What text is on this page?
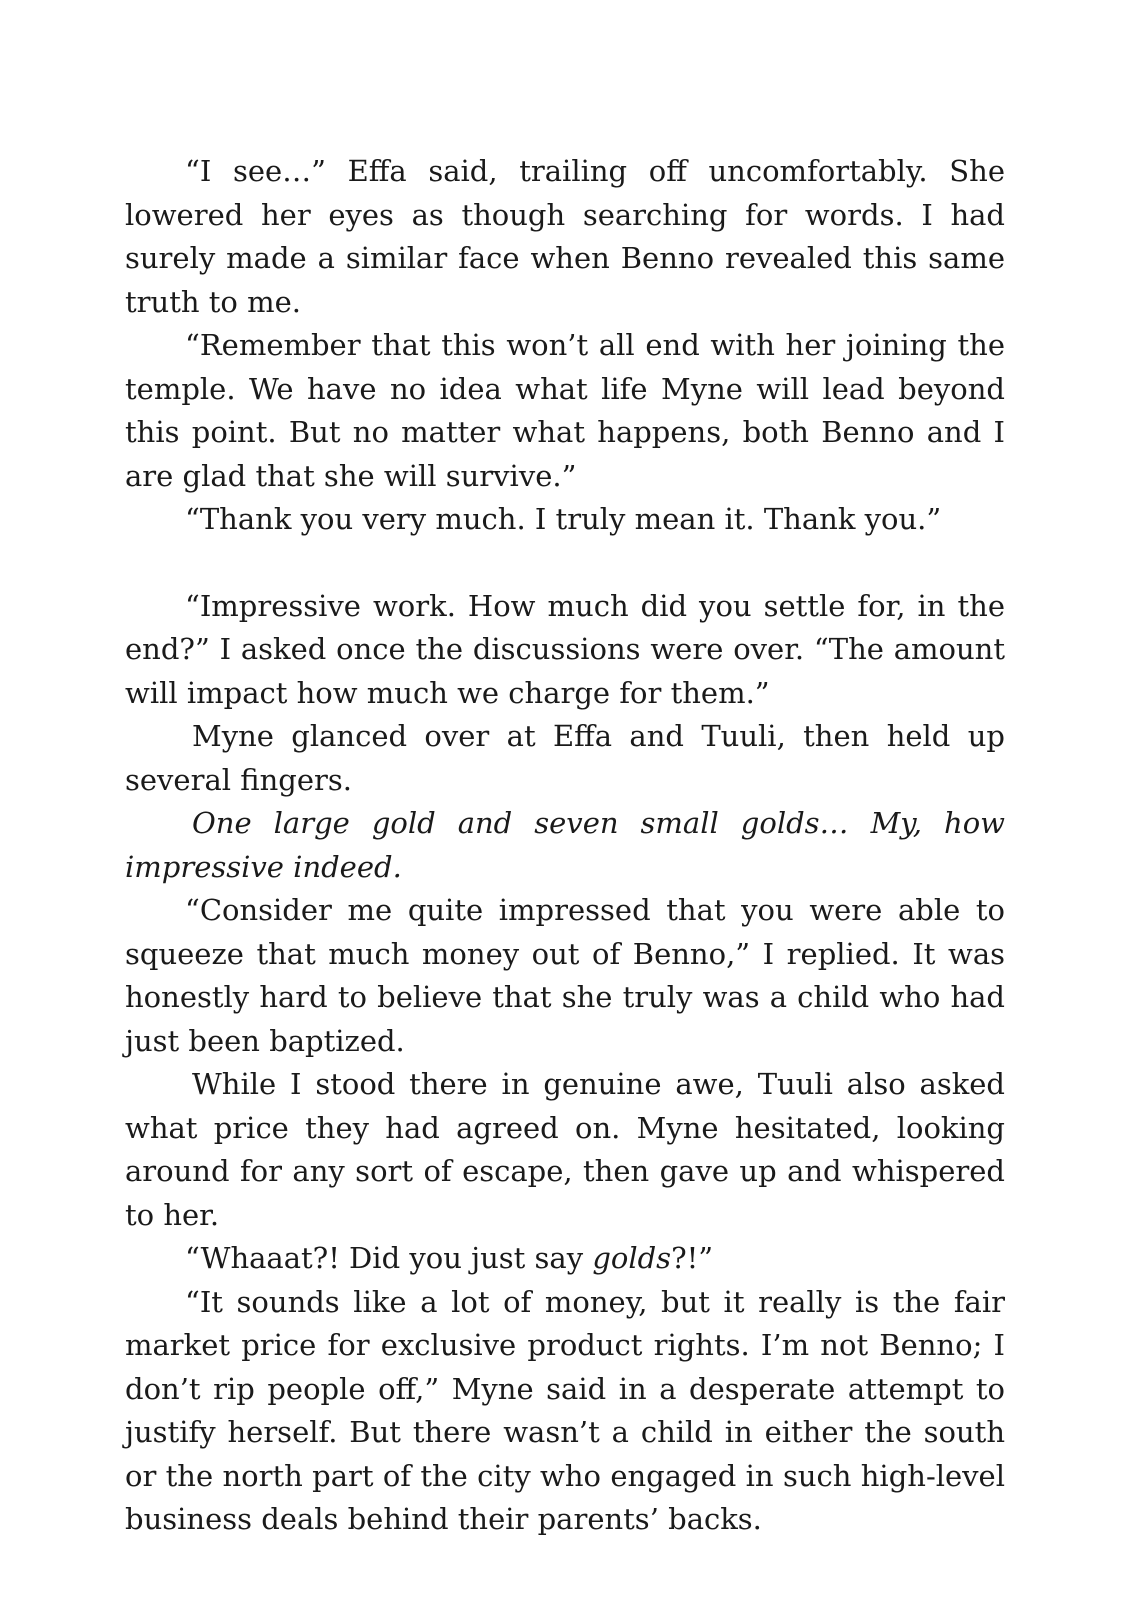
“I see…” Effa said, trailing off uncomfortably. She lowered her eyes as though searching for words. I had surely made a similar face when Benno revealed this same truth to me.

“Remember that this won’t all end with her joining the temple. We have no idea what life Myne will lead beyond this point. But no matter what happens, both Benno and I are glad that she will survive.”

“Thank you very much. I truly mean it. Thank you.”

“Impressive work. How much did you settle for, in the end?” I asked once the discussions were over. “The amount will impact how much we charge for them.”

Myne glanced over at Effa and Tuuli, then held up several fingers.

One large gold and seven small golds… My, how impressive indeed.

“Consider me quite impressed that you were able to squeeze that much money out of Benno,” I replied. It was honestly hard to believe that she truly was a child who had just been baptized.

While I stood there in genuine awe, Tuuli also asked what price they had agreed on. Myne hesitated, looking around for any sort of escape, then gave up and whispered to her.

“Whaaat?! Did you just say golds?!”

“It sounds like a lot of money, but it really is the fair market price for exclusive product rights. I’m not Benno; I don’t rip people off,” Myne said in a desperate attempt to justify herself. But there wasn’t a child in either the south or the north part of the city who engaged in such high-level business deals behind their parents’ backs.
